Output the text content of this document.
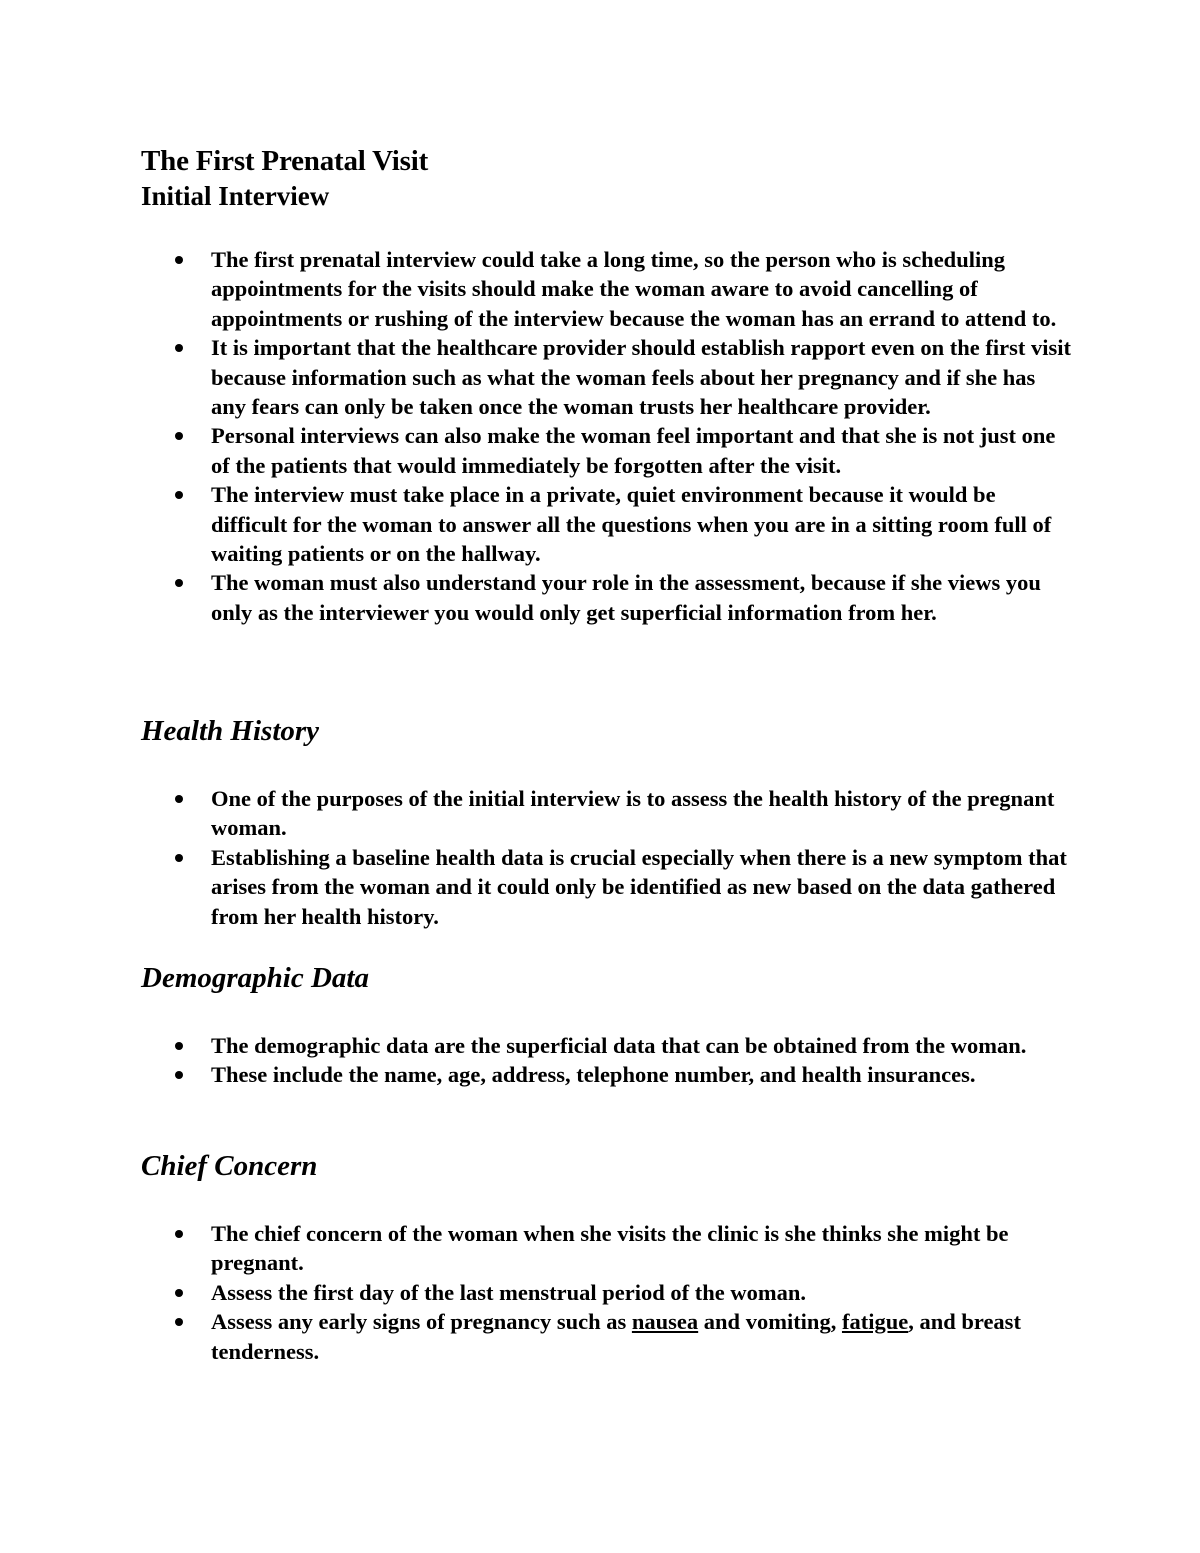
The First Prenatal Visit
Initial Interview
The first prenatal interview could take a long time, so the person who is scheduling appointments for the visits should make the woman aware to avoid cancelling of appointments or rushing of the interview because the woman has an errand to attend to.
It is important that the healthcare provider should establish rapport even on the first visit because information such as what the woman feels about her pregnancy and if she has any fears can only be taken once the woman trusts her healthcare provider.
Personal interviews can also make the woman feel important and that she is not just one of the patients that would immediately be forgotten after the visit.
The interview must take place in a private, quiet environment because it would be difficult for the woman to answer all the questions when you are in a sitting room full of waiting patients or on the hallway.
The woman must also understand your role in the assessment, because if she views you only as the interviewer you would only get superficial information from her.
Health History
One of the purposes of the initial interview is to assess the health history of the pregnant woman.
Establishing a baseline health data is crucial especially when there is a new symptom that arises from the woman and it could only be identified as new based on the data gathered from her health history.
Demographic Data
The demographic data are the superficial data that can be obtained from the woman.
These include the name, age, address, telephone number, and health insurances.
Chief Concern
The chief concern of the woman when she visits the clinic is she thinks she might be pregnant.
Assess the first day of the last menstrual period of the woman.
Assess any early signs of pregnancy such as nausea and vomiting, fatigue, and breast tenderness.
